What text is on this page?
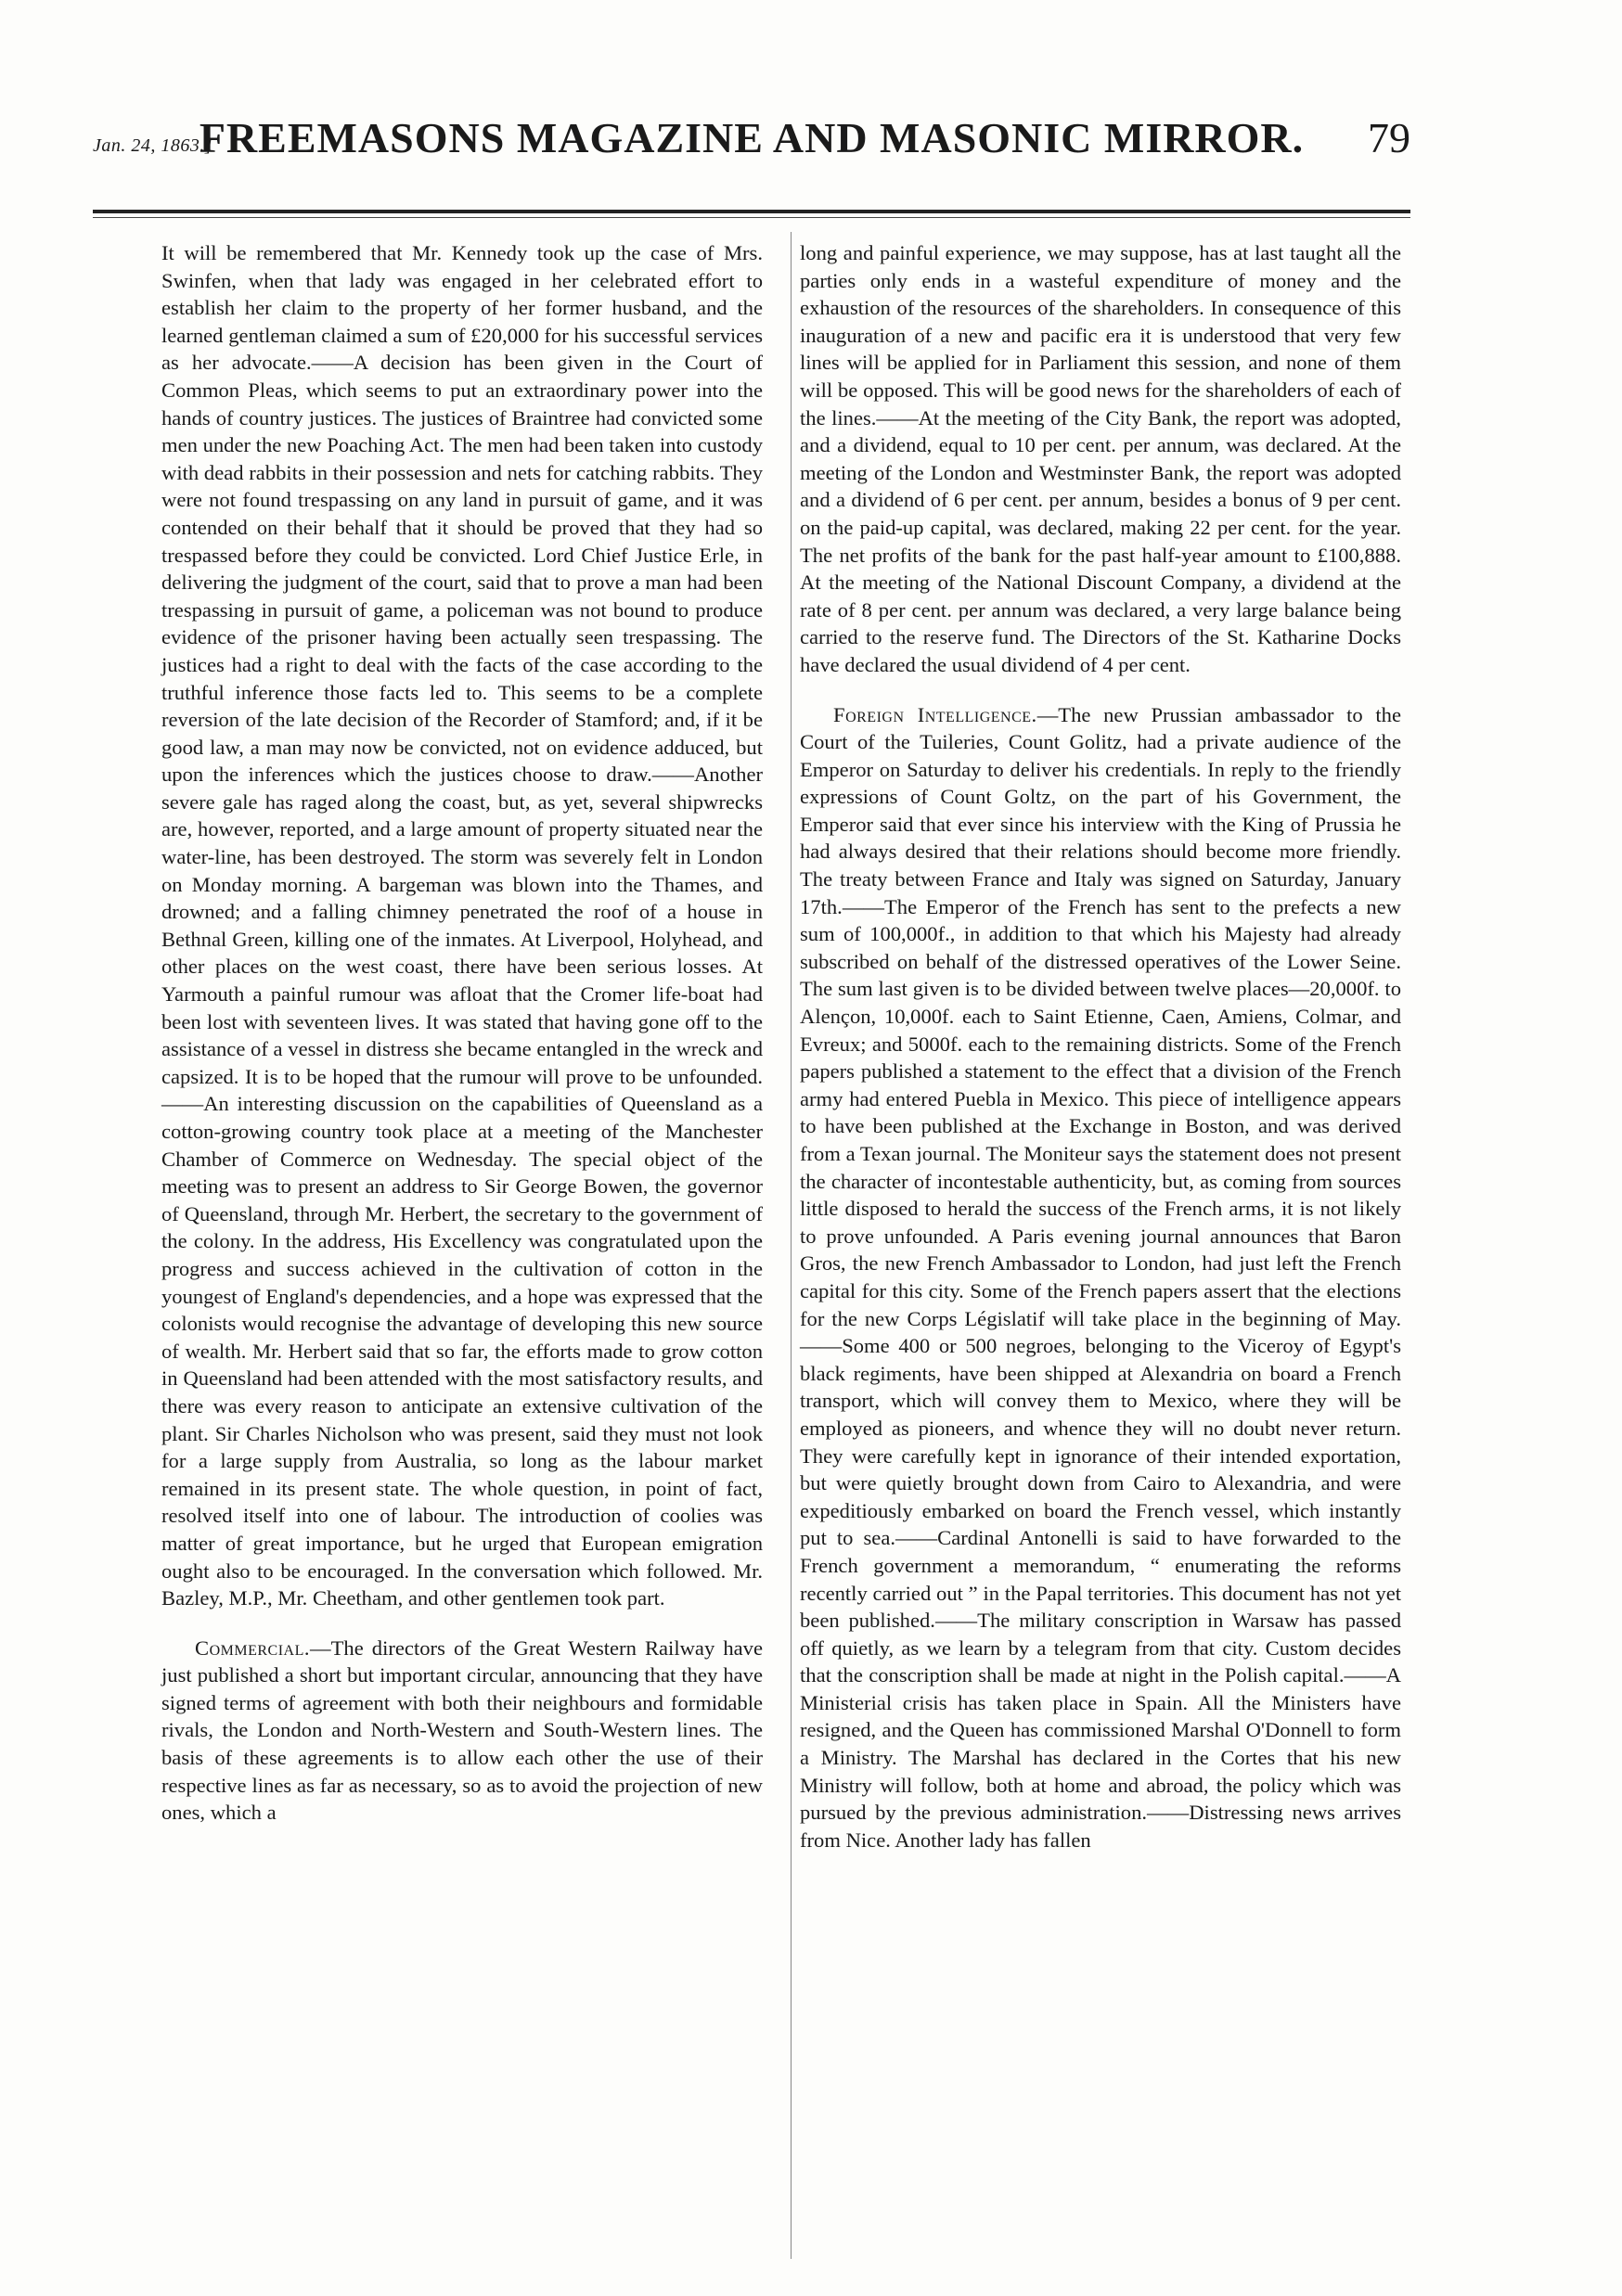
Jan. 24, 1863.]
FREEMASONS MAGAZINE AND MASONIC MIRROR.	79

It will be remembered that Mr. Kennedy took up the case of Mrs. Swinfen, when that lady was engaged in her celebrated effort to establish her claim to the property of her former husband, and the learned gentleman claimed a sum of £20,000 for his successful services as her advocate.——A decision has been given in the Court of Common Pleas, which seems to put an extraordinary power into the hands of country justices. The justices of Braintree had convicted some men under the new Poaching Act. The men had been taken into custody with dead rabbits in their possession and nets for catching rabbits. They were not found trespassing on any land in pursuit of game, and it was contended on their behalf that it should be proved that they had so trespassed before they could be convicted. Lord Chief Justice Erle, in delivering the judgment of the court, said that to prove a man had been trespassing in pursuit of game, a policeman was not bound to produce evidence of the prisoner having been actually seen trespassing. The justices had a right to deal with the facts of the case according to the truthful inference those facts led to. This seems to be a complete reversion of the late decision of the Recorder of Stamford; and, if it be good law, a man may now be convicted, not on evidence adduced, but upon the inferences which the justices choose to draw.——Another severe gale has raged along the coast, but, as yet, several shipwrecks are, however, reported, and a large amount of property situated near the water-line, has been destroyed. The storm was severely felt in London on Monday morning. A bargeman was blown into the Thames, and drowned; and a falling chimney penetrated the roof of a house in Bethnal Green, killing one of the inmates. At Liverpool, Holyhead, and other places on the west coast, there have been serious losses. At Yarmouth a painful rumour was afloat that the Cromer life-boat had been lost with seventeen lives. It was stated that having gone off to the assistance of a vessel in distress she became entangled in the wreck and capsized. It is to be hoped that the rumour will prove to be unfounded.——An interesting discussion on the capabilities of Queensland as a cotton-growing country took place at a meeting of the Manchester Chamber of Commerce on Wednesday. The special object of the meeting was to present an address to Sir George Bowen, the governor of Queensland, through Mr. Herbert, the secretary to the government of the colony. In the address, His Excellency was congratulated upon the progress and success achieved in the cultivation of cotton in the youngest of England's dependencies, and a hope was expressed that the colonists would recognise the advantage of developing this new source of wealth. Mr. Herbert said that so far, the efforts made to grow cotton in Queensland had been attended with the most satisfactory results, and there was every reason to anticipate an extensive cultivation of the plant. Sir Charles Nicholson who was present, said they must not look for a large supply from Australia, so long as the labour market remained in its present state. The whole question, in point of fact, resolved itself into one of labour. The introduction of coolies was matter of great importance, but he urged that European emigration ought also to be encouraged. In the conversation which followed. Mr. Bazley, M.P., Mr. Cheetham, and other gentlemen took part.

Commercial.—The directors of the Great Western Railway have just published a short but important circular, announcing that they have signed terms of agreement with both their neighbours and formidable rivals, the London and North-Western and South-Western lines. The basis of these agreements is to allow each other the use of their respective lines as far as necessary, so as to avoid the projection of new ones, which a

long and painful experience, we may suppose, has at last taught all the parties only ends in a wasteful expenditure of money and the exhaustion of the resources of the shareholders. In consequence of this inauguration of a new and pacific era it is understood that very few lines will be applied for in Parliament this session, and none of them will be opposed. This will be good news for the shareholders of each of the lines.——At the meeting of the City Bank, the report was adopted, and a dividend, equal to 10 per cent. per annum, was declared. At the meeting of the London and Westminster Bank, the report was adopted and a dividend of 6 per cent. per annum, besides a bonus of 9 per cent. on the paid-up capital, was declared, making 22 per cent. for the year. The net profits of the bank for the past half-year amount to £100,888. At the meeting of the National Discount Company, a dividend at the rate of 8 per cent. per annum was declared, a very large balance being carried to the reserve fund. The Directors of the St. Katharine Docks have declared the usual dividend of 4 per cent.

Foreign Intelligence.—The new Prussian ambassador to the Court of the Tuileries, Count Golitz, had a private audience of the Emperor on Saturday to deliver his credentials. In reply to the friendly expressions of Count Goltz, on the part of his Government, the Emperor said that ever since his interview with the King of Prussia he had always desired that their relations should become more friendly. The treaty between France and Italy was signed on Saturday, January 17th.——The Emperor of the French has sent to the prefects a new sum of 100,000f., in addition to that which his Majesty had already subscribed on behalf of the distressed operatives of the Lower Seine. The sum last given is to be divided between twelve places—20,000f. to Alençon, 10,000f. each to Saint Etienne, Caen, Amiens, Colmar, and Evreux; and 5000f. each to the remaining districts. Some of the French papers published a statement to the effect that a division of the French army had entered Puebla in Mexico. This piece of intelligence appears to have been published at the Exchange in Boston, and was derived from a Texan journal. The Moniteur says the statement does not present the character of incontestable authenticity, but, as coming from sources little disposed to herald the success of the French arms, it is not likely to prove unfounded. A Paris evening journal announces that Baron Gros, the new French Ambassador to London, had just left the French capital for this city. Some of the French papers assert that the elections for the new Corps Législatif will take place in the beginning of May.——Some 400 or 500 negroes, belonging to the Viceroy of Egypt's black regiments, have been shipped at Alexandria on board a French transport, which will convey them to Mexico, where they will be employed as pioneers, and whence they will no doubt never return. They were carefully kept in ignorance of their intended exportation, but were quietly brought down from Cairo to Alexandria, and were expeditiously embarked on board the French vessel, which instantly put to sea.——Cardinal Antonelli is said to have forwarded to the French government a memorandum, “ enumerating the reforms recently carried out ” in the Papal territories. This document has not yet been published.——The military conscription in Warsaw has passed off quietly, as we learn by a telegram from that city. Custom decides that the conscription shall be made at night in the Polish capital.——A Ministerial crisis has taken place in Spain. All the Ministers have resigned, and the Queen has commissioned Marshal O'Donnell to form a Ministry. The Marshal has declared in the Cortes that his new Ministry will follow, both at home and abroad, the policy which was pursued by the previous administration.——Distressing news arrives from Nice. Another lady has fallen
